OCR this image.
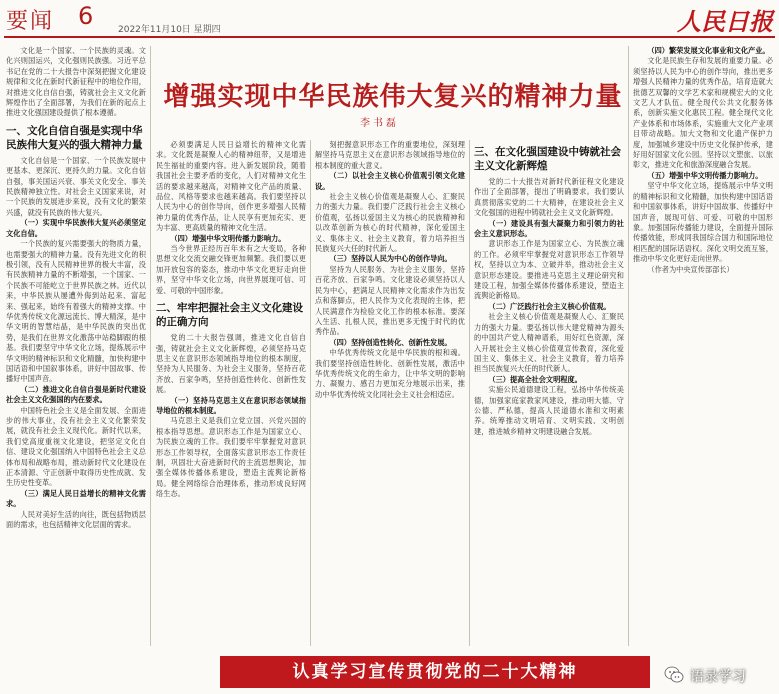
要闻 6	2022年11月10日 星期四	人民日报
增强实现中华民族伟大复兴的精神力量
李书磊

文化是一个国家、一个民族的灵魂。文化兴则国运兴，文化强则民族强。习近平总书记在党的二十大报告中深刻把握文化建设规律和文化在新时代新征程中的地位作用，对推进文化自信自强，铸就社会主义文化新辉煌作出了全面部署，为我们在新的起点上推进文化强国建设提供了根本遵循。

一、文化自信自强是实现中华民族伟大复兴的强大精神力量

文化自信是一个国家、一个民族发展中更基本、更深沉、更持久的力量。文化自信自强，事关国运兴衰、事关文化安全、事关民族精神独立性。对社会主义国家来说，对一个民族的发展进步来说，没有文化的繁荣兴盛，就没有民族的伟大复兴。

（一）实现中华民族伟大复兴必须坚定文化自信。

一个民族的复兴需要强大的物质力量，也需要强大的精神力量。没有先进文化的积极引领，没有人民精神世界的极大丰富，没有民族精神力量的不断增强，一个国家、一个民族不可能屹立于世界民族之林。近代以来，中华民族从屡遭外侮到站起来、富起来、强起来，始终有着强大的精神支撑。中华优秀传统文化源远流长、博大精深，是中华文明的智慧结晶，是中华民族的突出优势，是我们在世界文化激荡中站稳脚跟的根基。我们要坚守中华文化立场，提炼展示中华文明的精神标识和文化精髓，加快构建中国话语和中国叙事体系，讲好中国故事、传播好中国声音。

（二）推进文化自信自强是新时代建设社会主义文化强国的内在要求。

中国特色社会主义是全面发展、全面进步的伟大事业，没有社会主义文化繁荣发展，就没有社会主义现代化。新时代以来，我们党高度重视文化建设，把坚定文化自信、建设文化强国纳入中国特色社会主义总体布局和战略布局，推动新时代文化建设在正本清源、守正创新中取得历史性成就、发生历史性变革。

（三）满足人民日益增长的精神文化需求。

人民对美好生活的向往，既包括物质层面的需求，也包括精神文化层面的需求。

必须要满足人民日益增长的精神文化需求。文化既是凝聚人心的精神纽带，又是增进民生福祉的重要内容。进入新发展阶段，随着我国社会主要矛盾的变化，人们对精神文化生活的要求越来越高，对精神文化产品的质量、品位、风格等要求也越来越高。我们要坚持以人民为中心的创作导向，创作更多增强人民精神力量的优秀作品，让人民享有更加充实、更为丰富、更高质量的精神文化生活。

（四）增强中华文明传播力影响力。

当今世界正经历百年未有之大变局，各种思想文化交流交融交锋更加频繁。我们要以更加开放包容的姿态，推动中华文化更好走向世界，坚守中华文化立场，向世界展现可信、可爱、可敬的中国形象。

二、牢牢把握社会主义文化建设的正确方向

党的二十大报告强调，推进文化自信自强，铸就社会主义文化新辉煌，必须坚持马克思主义在意识形态领域指导地位的根本制度，坚持为人民服务、为社会主义服务，坚持百花齐放、百家争鸣，坚持创造性转化、创新性发展。

（一）坚持马克思主义在意识形态领域指导地位的根本制度。

马克思主义是我们立党立国、兴党兴国的根本指导思想。意识形态工作是为国家立心、为民族立魂的工作。我们要牢牢掌握党对意识形态工作领导权，全面落实意识形态工作责任制，巩固壮大奋进新时代的主流思想舆论，加强全媒体传播体系建设，塑造主流舆论新格局。健全网络综合治理体系，推动形成良好网络生态。

刻把握意识形态工作的重要地位，深刻理解坚持马克思主义在意识形态领域指导地位的根本制度的重大意义。

（二）以社会主义核心价值观引领文化建设。

社会主义核心价值观是凝聚人心、汇聚民力的强大力量。我们要广泛践行社会主义核心价值观，弘扬以爱国主义为核心的民族精神和以改革创新为核心的时代精神，深化爱国主义、集体主义、社会主义教育，着力培养担当民族复兴大任的时代新人。

（三）坚持以人民为中心的创作导向。

坚持为人民服务、为社会主义服务，坚持百花齐放、百家争鸣。文化建设必须坚持以人民为中心，把满足人民精神文化需求作为出发点和落脚点，把人民作为文化表现的主体，把人民满意作为检验文化工作的根本标准。要深入生活、扎根人民，推出更多无愧于时代的优秀作品。

（四）坚持创造性转化、创新性发展。

中华优秀传统文化是中华民族的根和魂。我们要坚持创造性转化、创新性发展，激活中华优秀传统文化的生命力，让中华文明的影响力、凝聚力、感召力更加充分地展示出来，推动中华优秀传统文化同社会主义社会相适应。

三、在文化强国建设中铸就社会主义文化新辉煌

党的二十大报告对新时代新征程文化建设作出了全面部署，提出了明确要求。我们要认真贯彻落实党的二十大精神，在建设社会主义文化强国的进程中铸就社会主义文化新辉煌。

（一）建设具有强大凝聚力和引领力的社会主义意识形态。

意识形态工作是为国家立心、为民族立魂的工作。必须牢牢掌握党对意识形态工作领导权，坚持以立为本、立破并举，推动社会主义意识形态建设。要推进马克思主义理论研究和建设工程，加强全媒体传播体系建设，塑造主流舆论新格局。

（二）广泛践行社会主义核心价值观。

社会主义核心价值观是凝聚人心、汇聚民力的强大力量。要弘扬以伟大建党精神为源头的中国共产党人精神谱系，用好红色资源，深入开展社会主义核心价值观宣传教育，深化爱国主义、集体主义、社会主义教育，着力培养担当民族复兴大任的时代新人。

（三）提高全社会文明程度。

实施公民道德建设工程，弘扬中华传统美德，加强家庭家教家风建设，推动明大德、守公德、严私德，提高人民道德水准和文明素养。统筹推动文明培育、文明实践、文明创建，推进城乡精神文明建设融合发展。

（四）繁荣发展文化事业和文化产业。

文化是民族生存和发展的重要力量。必须坚持以人民为中心的创作导向，推出更多增强人民精神力量的优秀作品，培育造就大批德艺双馨的文学艺术家和规模宏大的文化文艺人才队伍。健全现代公共文化服务体系，创新实施文化惠民工程。健全现代文化产业体系和市场体系，实施重大文化产业项目带动战略。加大文物和文化遗产保护力度，加强城乡建设中历史文化保护传承，建好用好国家文化公园。坚持以文塑旅、以旅彰文，推进文化和旅游深度融合发展。

（五）增强中华文明传播力影响力。

坚守中华文化立场，提炼展示中华文明的精神标识和文化精髓，加快构建中国话语和中国叙事体系，讲好中国故事、传播好中国声音，展现可信、可爱、可敬的中国形象。加强国际传播能力建设，全面提升国际传播效能，形成同我国综合国力和国际地位相匹配的国际话语权。深化文明交流互鉴，推动中华文化更好走向世界。

（作者为中央宣传部部长）

认真学习宣传贯彻党的二十大精神	语录学习
